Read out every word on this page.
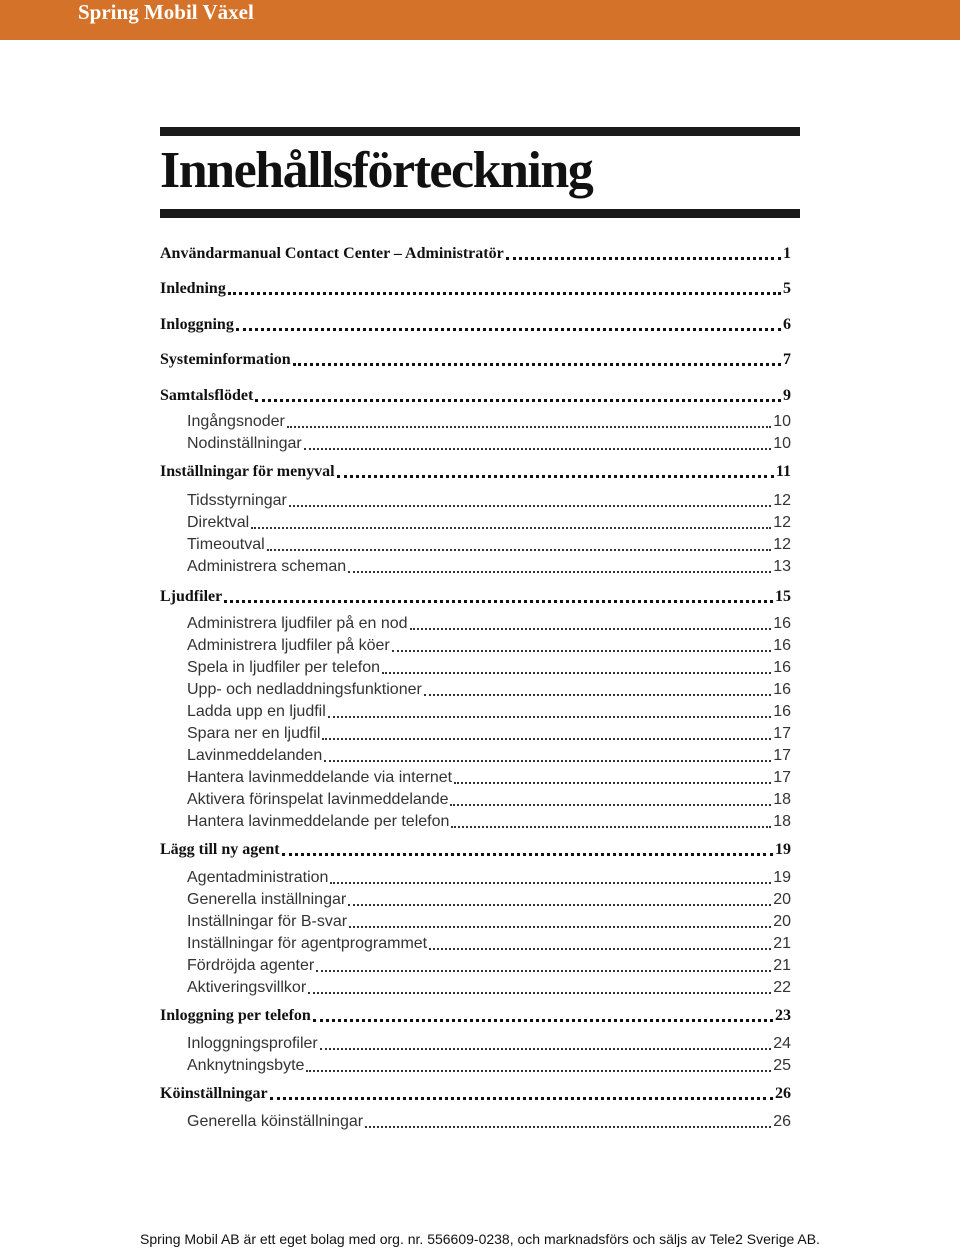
Spring Mobil Växel
Innehållsförteckning
Användarmanual Contact Center – Administratör	1
Inledning	5
Inloggning	6
Systeminformation	7
Samtalsflödet	9
Ingångsnoder	10
Nodinställningar	10
Inställningar för menyval	11
Tidsstyrningar	12
Direktval	12
Timeoutval	12
Administrera scheman	13
Ljudfiler	15
Administrera ljudfiler på en nod	16
Administrera ljudfiler på köer	16
Spela in ljudfiler per telefon	16
Upp- och nedladdningsfunktioner	16
Ladda upp en ljudfil	16
Spara ner en ljudfil	17
Lavinmeddelanden	17
Hantera lavinmeddelande via internet	17
Aktivera förinspelat lavinmeddelande	18
Hantera lavinmeddelande per telefon	18
Lägg till ny agent	19
Agentadministration	19
Generella inställningar	20
Inställningar för B-svar	20
Inställningar för agentprogrammet	21
Fördröjda agenter	21
Aktiveringsvillkor	22
Inloggning per telefon	23
Inloggningsprofiler	24
Anknytningsbyte	25
Köinställningar	26
Generella köinställningar	26
Spring Mobil AB är ett eget bolag med org. nr. 556609-0238, och marknadsförs och säljs av Tele2 Sverige AB.
